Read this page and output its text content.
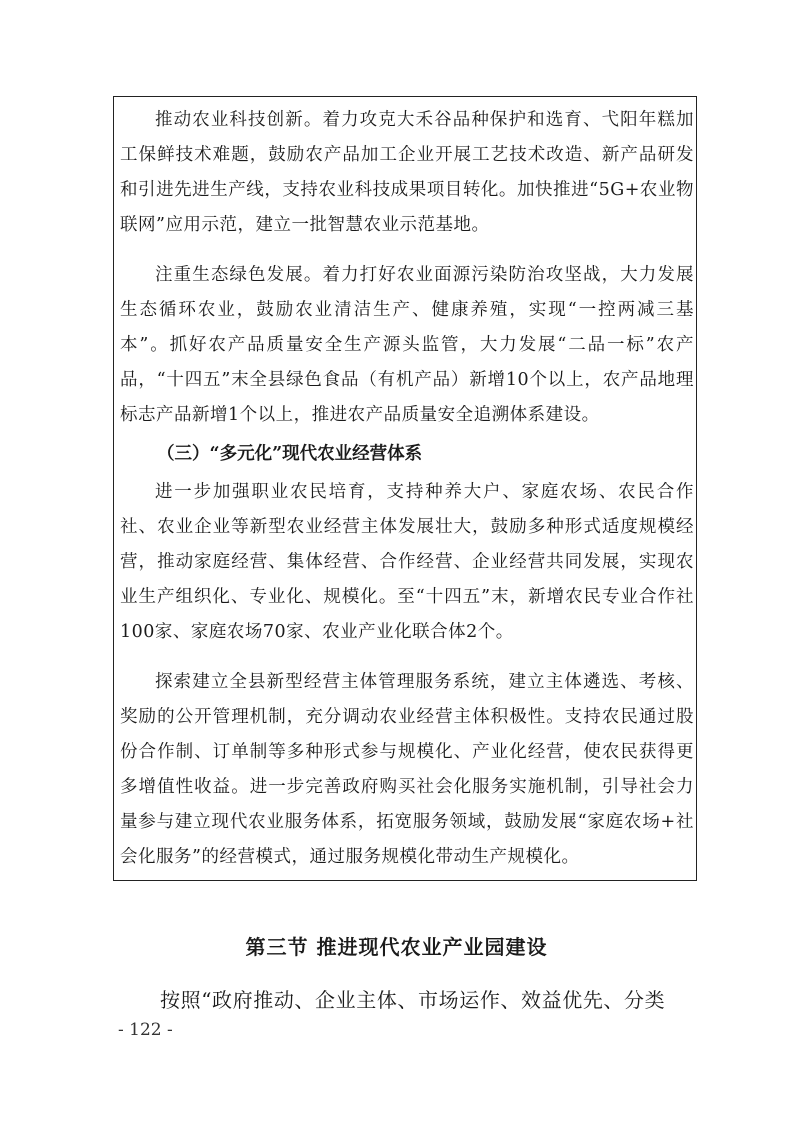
推动农业科技创新。着力攻克大禾谷品种保护和选育、弋阳年糕加工保鲜技术难题，鼓励农产品加工企业开展工艺技术改造、新产品研发和引进先进生产线，支持农业科技成果项目转化。加快推进“5G+农业物联网”应用示范，建立一批智慧农业示范基地。

注重生态绿色发展。着力打好农业面源污染防治攻坚战，大力发展生态循环农业，鼓励农业清洁生产、健康养殖，实现“一控两减三基本”。抓好农产品质量安全生产源头监管，大力发展“二品一标”农产品，“十四五”末全县绿色食品（有机产品）新增10个以上，农产品地理标志产品新增1个以上，推进农产品质量安全追溯体系建设。

（三）“多元化”现代农业经营体系

进一步加强职业农民培育，支持种养大户、家庭农场、农民合作社、农业企业等新型农业经营主体发展壮大，鼓励多种形式适度规模经营，推动家庭经营、集体经营、合作经营、企业经营共同发展，实现农业生产组织化、专业化、规模化。至“十四五”末，新增农民专业合作社100家、家庭农场70家、农业产业化联合体2个。

探索建立全县新型经营主体管理服务系统，建立主体遴选、考核、奖励的公开管理机制，充分调动农业经营主体积极性。支持农民通过股份合作制、订单制等多种形式参与规模化、产业化经营，使农民获得更多增值性收益。进一步完善政府购买社会化服务实施机制，引导社会力量参与建立现代农业服务体系，拓宽服务领域，鼓励发展“家庭农场+社会化服务”的经营模式，通过服务规模化带动生产规模化。

第三节 推进现代农业产业园建设

按照“政府推动、企业主体、市场运作、效益优先、分类

- 122 -
